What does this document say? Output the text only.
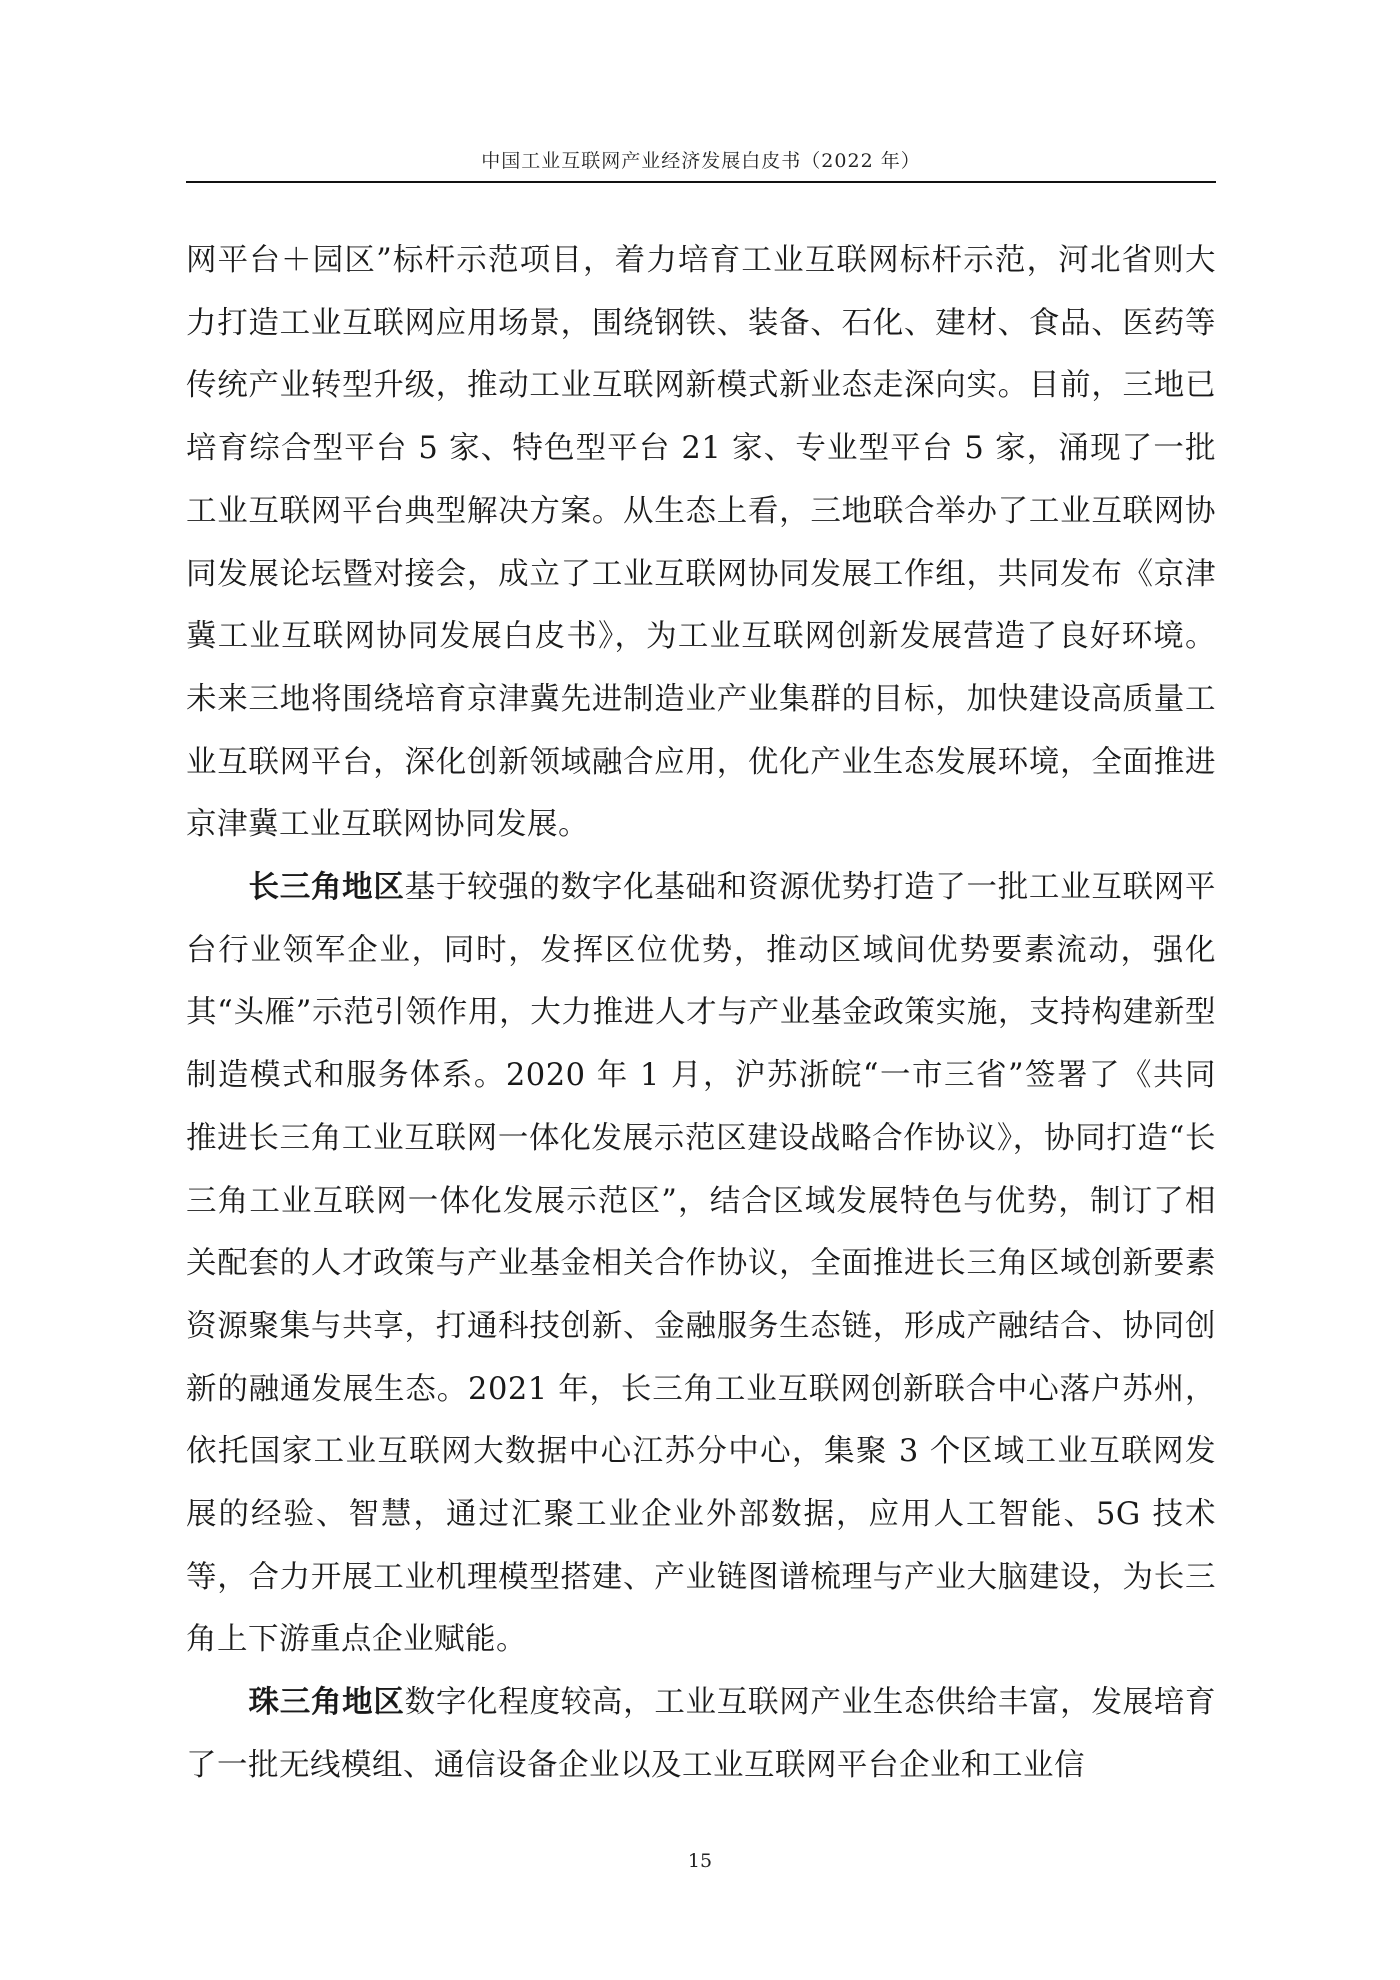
中国工业互联网产业经济发展白皮书（2022 年）

网平台＋园区”标杆示范项目，着力培育工业互联网标杆示范，河北省则大力打造工业互联网应用场景，围绕钢铁、装备、石化、建材、食品、医药等传统产业转型升级，推动工业互联网新模式新业态走深向实。目前，三地已培育综合型平台 5 家、特色型平台 21 家、专业型平台 5 家，涌现了一批工业互联网平台典型解决方案。从生态上看，三地联合举办了工业互联网协同发展论坛暨对接会，成立了工业互联网协同发展工作组，共同发布《京津冀工业互联网协同发展白皮书》，为工业互联网创新发展营造了良好环境。未来三地将围绕培育京津冀先进制造业产业集群的目标，加快建设高质量工业互联网平台，深化创新领域融合应用，优化产业生态发展环境，全面推进京津冀工业互联网协同发展。

长三角地区基于较强的数字化基础和资源优势打造了一批工业互联网平台行业领军企业，同时，发挥区位优势，推动区域间优势要素流动，强化其“头雁”示范引领作用，大力推进人才与产业基金政策实施，支持构建新型制造模式和服务体系。2020 年 1 月，沪苏浙皖“一市三省”签署了《共同推进长三角工业互联网一体化发展示范区建设战略合作协议》，协同打造“长三角工业互联网一体化发展示范区”，结合区域发展特色与优势，制订了相关配套的人才政策与产业基金相关合作协议，全面推进长三角区域创新要素资源聚集与共享，打通科技创新、金融服务生态链，形成产融结合、协同创新的融通发展生态。2021 年，长三角工业互联网创新联合中心落户苏州，依托国家工业互联网大数据中心江苏分中心，集聚 3 个区域工业互联网发展的经验、智慧，通过汇聚工业企业外部数据，应用人工智能、5G 技术等，合力开展工业机理模型搭建、产业链图谱梳理与产业大脑建设，为长三角上下游重点企业赋能。

珠三角地区数字化程度较高，工业互联网产业生态供给丰富，发展培育了一批无线模组、通信设备企业以及工业互联网平台企业和工业信

15
